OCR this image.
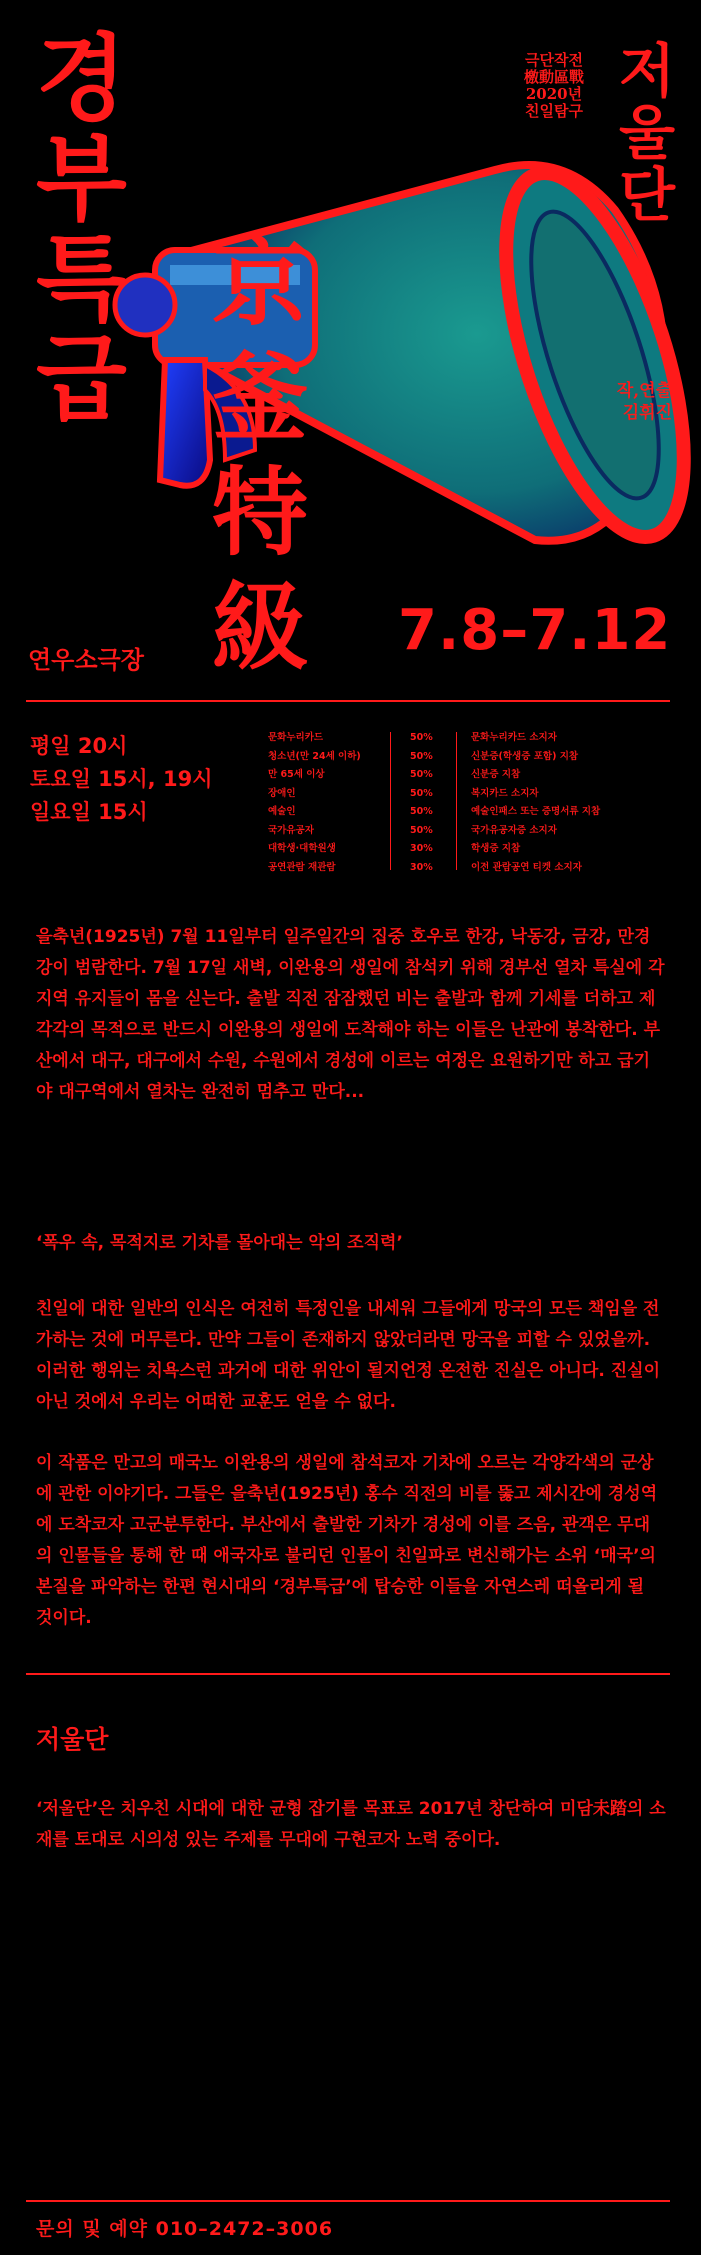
경
부
특
급
극단작전
檄動區戰
2020년
친일탐구
저
울
단
京
釜特
級
작,연출
김휘진
7.8–7.12
연우소극장
평일 20시
토요일 15시, 19시
일요일 15시
문화누리카드
청소년(만 24세 이하)
만 65세 이상
장애인
예술인
국가유공자
대학생·대학원생
공연관람 재관람
50%
50%
50%
50%
50%
50%
30%
30%
문화누리카드 소지자
신분증(학생증 포함) 지참
신분증 지참
복지카드 소지자
예술인패스 또는 증명서류 지참
국가유공자증 소지자
학생증 지참
이전 관람공연 티켓 소지자
을축년(1925년) 7월 11일부터 일주일간의 집중 호우로 한강, 낙동강, 금강, 만경강이 범람한다. 7월 17일 새벽, 이완용의 생일에 참석키 위해 경부선 열차 특실에 각 지역 유지들이 몸을 싣는다. 출발 직전 잠잠했던 비는 출발과 함께 기세를 더하고 제각각의 목적으로 반드시 이완용의 생일에 도착해야 하는 이들은 난관에 봉착한다. 부산에서 대구, 대구에서 수원, 수원에서 경성에 이르는 여정은 요원하기만 하고 급기야 대구역에서 열차는 완전히 멈추고 만다...
‘폭우 속, 목적지로 기차를 몰아대는 악의 조직력’
친일에 대한 일반의 인식은 여전히 특정인을 내세워 그들에게 망국의 모든 책임을 전가하는 것에 머무른다. 만약 그들이 존재하지 않았더라면 망국을 피할 수 있었을까. 이러한 행위는 치욕스런 과거에 대한 위안이 될지언정 온전한 진실은 아니다. 진실이 아닌 것에서 우리는 어떠한 교훈도 얻을 수 없다.
이 작품은 만고의 매국노 이완용의 생일에 참석코자 기차에 오르는 각양각색의 군상에 관한 이야기다. 그들은 을축년(1925년) 홍수 직전의 비를 뚫고 제시간에 경성역에 도착코자 고군분투한다. 부산에서 출발한 기차가 경성에 이를 즈음, 관객은 무대의 인물들을 통해 한 때 애국자로 불리던 인물이 친일파로 변신해가는 소위 ‘매국’의 본질을 파악하는 한편 현시대의 ‘경부특급’에 탑승한 이들을 자연스레 떠올리게 될 것이다.
저울단
‘저울단’은 치우친 시대에 대한 균형 잡기를 목표로 2017년 창단하여 미담未踏의 소재를 토대로 시의성 있는 주제를 무대에 구현코자 노력 중이다.
문의 및 예약 010–2472–3006
